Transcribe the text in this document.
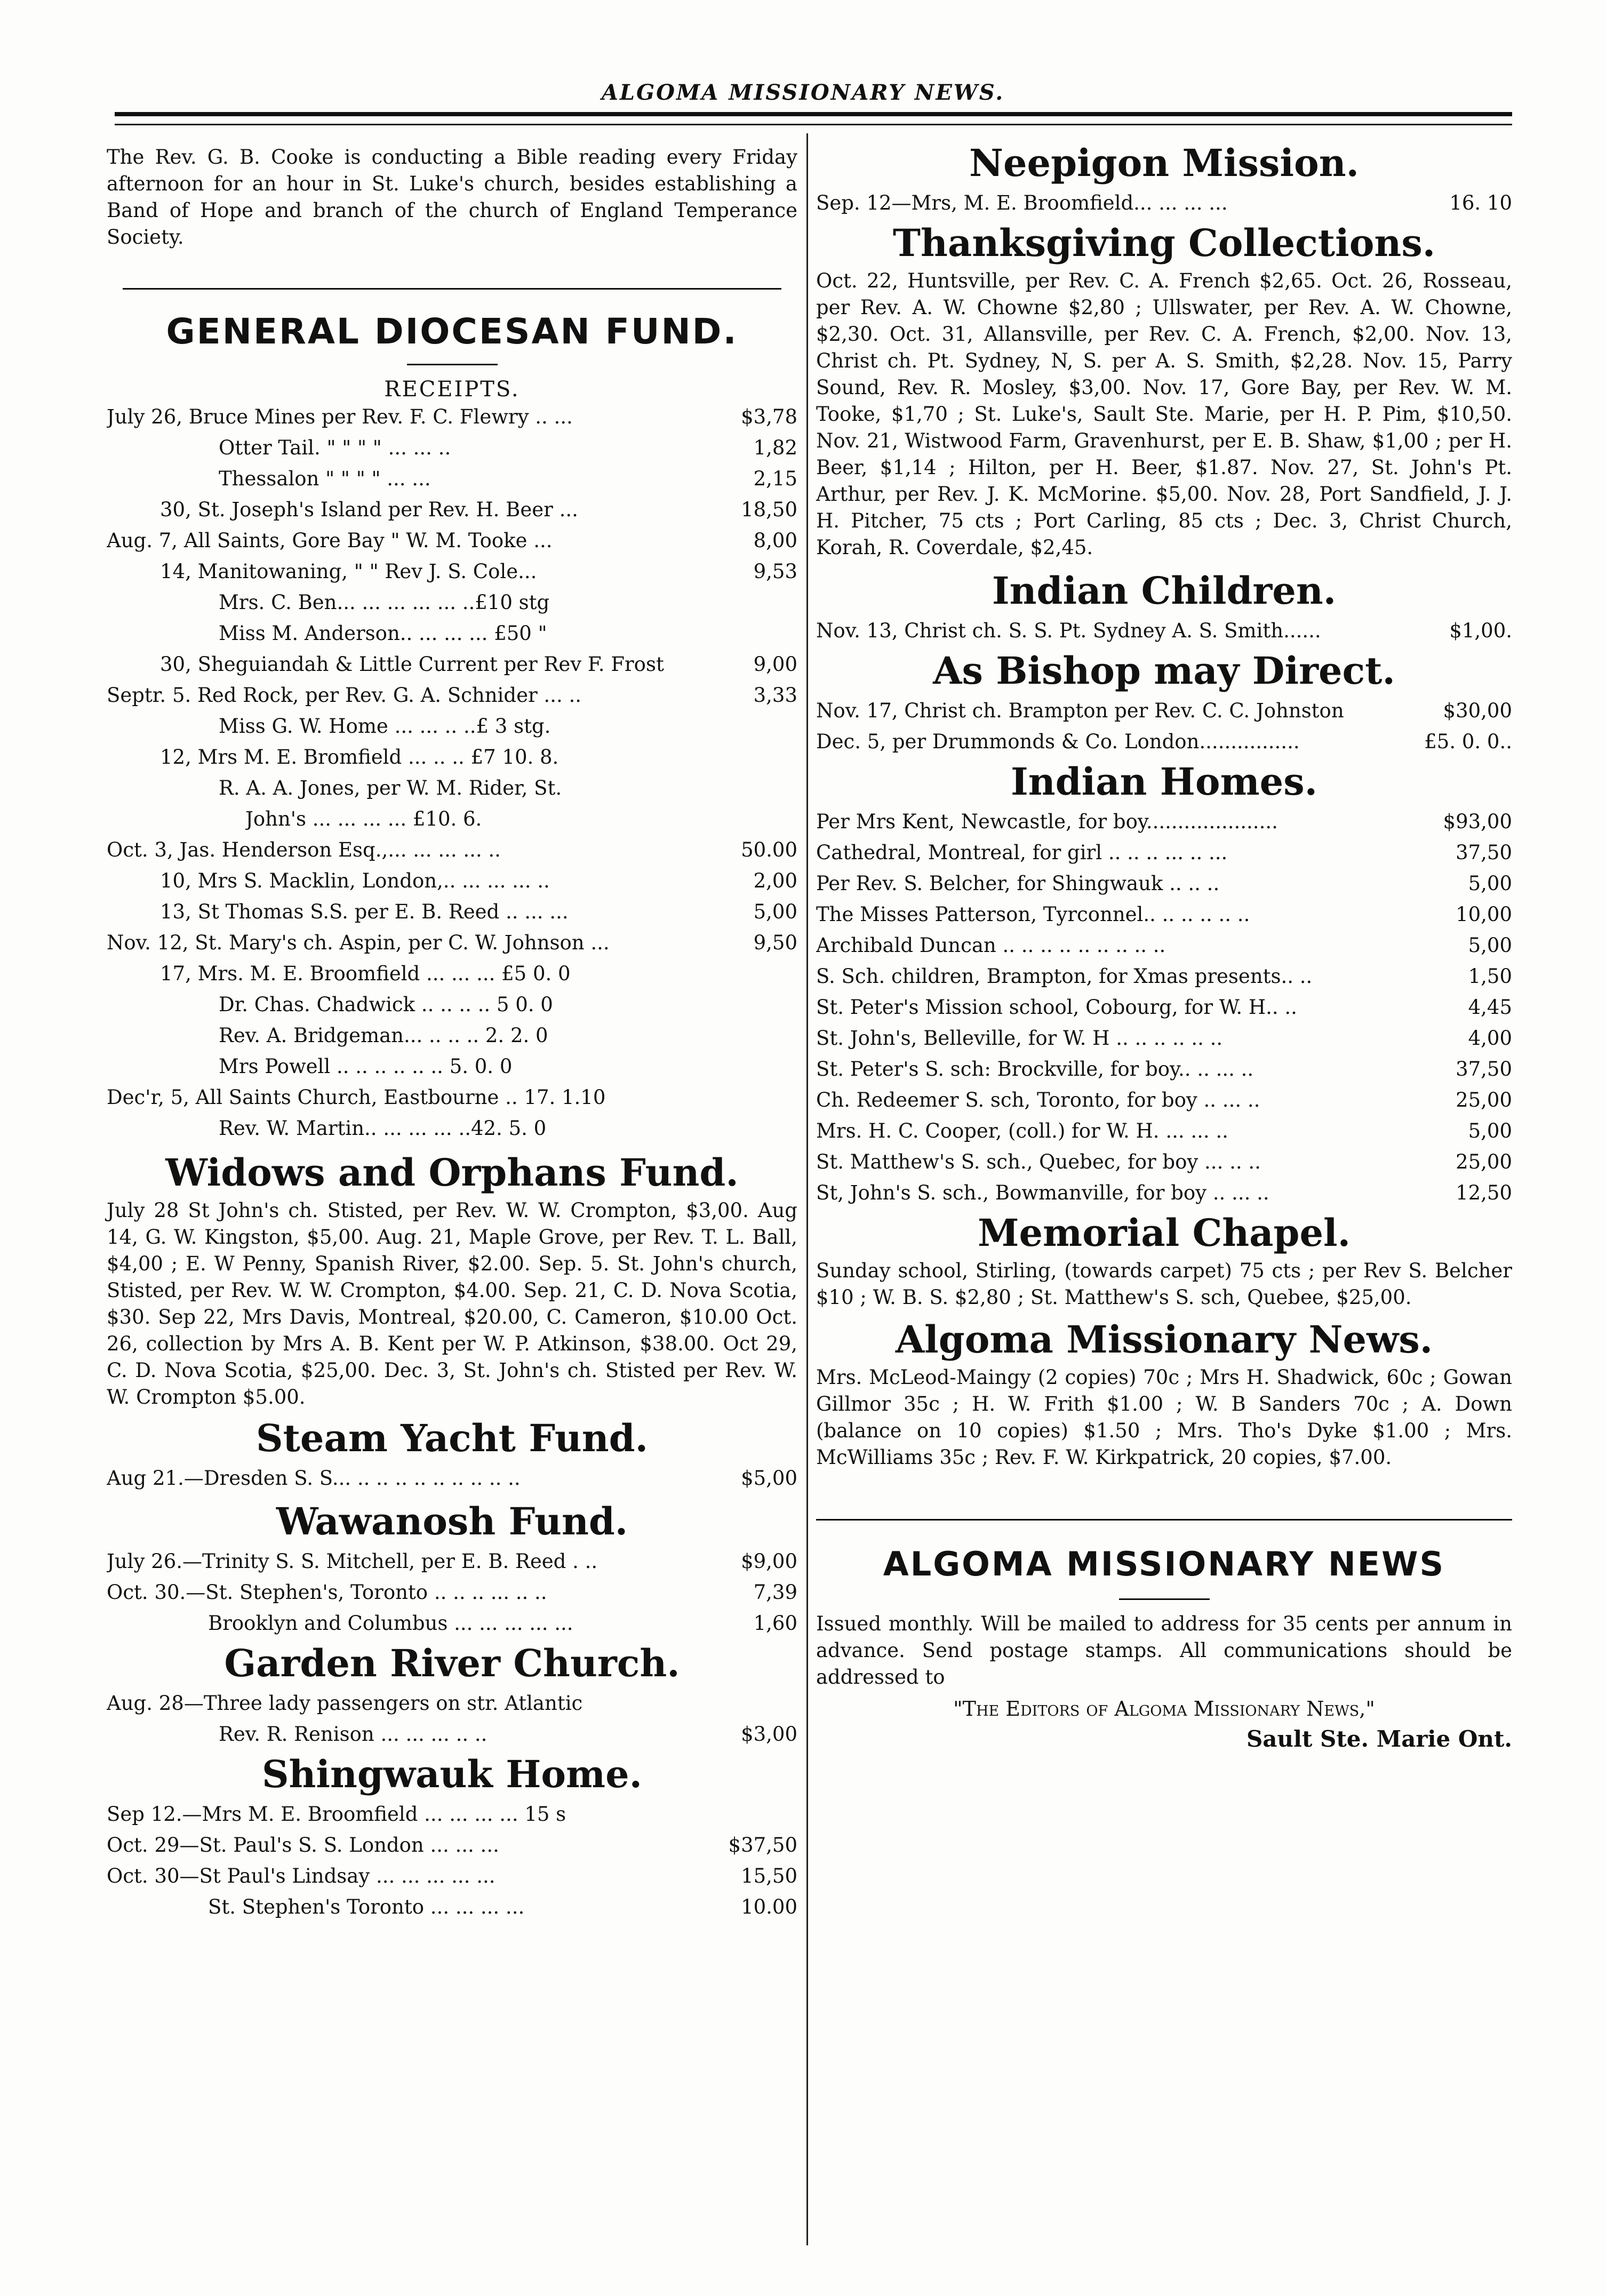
ALGOMA MISSIONARY NEWS.

The Rev. G. B. Cooke is conducting a Bible reading every Friday afternoon for an hour in St. Luke's church, besides establishing a Band of Hope and branch of the church of England Temperance Society.

GENERAL DIOCESAN FUND.

RECEIPTS.

July 26, Bruce Mines per Rev. F. C. Flewry .. ...	$3,78
Otter Tail. " " " " ... ... ..	1,82
Thessalon " " " " ... ...	2,15
30, St. Joseph's Island per Rev. H. Beer ...	18,50
Aug. 7, All Saints, Gore Bay " W. M. Tooke ...	8,00
14, Manitowaning, " " Rev J. S. Cole...	9,53
Mrs. C. Ben... ... ... ... ... ..£10 stg
Miss M. Anderson.. ... ... ... £50 "
30, Sheguiandah & Little Current per Rev F. Frost	9,00
Septr. 5. Red Rock, per Rev. G. A. Schnider ... ..	3,33
Miss G. W. Home ... ... .. ..£ 3 stg.
12, Mrs M. E. Bromfield ... .. .. £7 10. 8.
R. A. A. Jones, per W. M. Rider, St.
John's ... ... ... ... £10. 6.
Oct. 3, Jas. Henderson Esq.,... ... ... ... ..	50.00
10, Mrs S. Macklin, London,.. ... ... ... ..	2,00
13, St Thomas S.S. per E. B. Reed .. ... ...	5,00
Nov. 12, St. Mary's ch. Aspin, per C. W. Johnson ...	9,50
17, Mrs. M. E. Broomfield ... ... ... £5 0. 0
Dr. Chas. Chadwick .. .. .. .. 5 0. 0
Rev. A. Bridgeman... .. .. .. 2. 2. 0
Mrs Powell .. .. .. .. .. .. 5. 0. 0
Dec'r, 5, All Saints Church, Eastbourne .. 17. 1.10
Rev. W. Martin.. ... ... ... ..42. 5. 0
Widows and Orphans Fund.

July 28 St John's ch. Stisted, per Rev. W. W. Crompton, $3,00. Aug 14, G. W. Kingston, $5,00. Aug. 21, Maple Grove, per Rev. T. L. Ball, $4,00 ; E. W Penny, Spanish River, $2.00. Sep. 5. St. John's church, Stisted, per Rev. W. W. Crompton, $4.00. Sep. 21, C. D. Nova Scotia, $30. Sep 22, Mrs Davis, Montreal, $20.00, C. Cameron, $10.00 Oct. 26, collection by Mrs A. B. Kent per W. P. Atkinson, $38.00. Oct 29, C. D. Nova Scotia, $25,00. Dec. 3, St. John's ch. Stisted per Rev. W. W. Crompton $5.00.

Steam Yacht Fund.
Aug 21.—Dresden S. S... .. .. .. .. .. .. .. .. ..	$5,00
Wawanosh Fund.
July 26.—Trinity S. S. Mitchell, per E. B. Reed . ..	$9,00
Oct. 30.—St. Stephen's, Toronto .. .. .. ... .. ..	7,39
Brooklyn and Columbus ... ... ... ... ...	1,60
Garden River Church.
Aug. 28—Three lady passengers on str. Atlantic
Rev. R. Renison ... ... ... .. ..	$3,00
Shingwauk Home.
Sep 12.—Mrs M. E. Broomfield ... ... ... ... 15 s
Oct. 29—St. Paul's S. S. London ... ... ...	$37,50
Oct. 30—St Paul's Lindsay ... ... ... ... ...	15,50
St. Stephen's Toronto ... ... ... ...	10.00
Neepigon Mission.
Sep. 12—Mrs, M. E. Broomfield... ... ... ...	16. 10
Thanksgiving Collections.

Oct. 22, Huntsville, per Rev. C. A. French $2,65. Oct. 26, Rosseau, per Rev. A. W. Chowne $2,80 ; Ullswater, per Rev. A. W. Chowne, $2,30. Oct. 31, Allansville, per Rev. C. A. French, $2,00. Nov. 13, Christ ch. Pt. Sydney, N, S. per A. S. Smith, $2,28. Nov. 15, Parry Sound, Rev. R. Mosley, $3,00. Nov. 17, Gore Bay, per Rev. W. M. Tooke, $1,70 ; St. Luke's, Sault Ste. Marie, per H. P. Pim, $10,50. Nov. 21, Wistwood Farm, Gravenhurst, per E. B. Shaw, $1,00 ; per H. Beer, $1,14 ; Hilton, per H. Beer, $1.87. Nov. 27, St. John's Pt. Arthur, per Rev. J. K. McMorine. $5,00. Nov. 28, Port Sandfield, J. J. H. Pitcher, 75 cts ; Port Carling, 85 cts ; Dec. 3, Christ Church, Korah, R. Coverdale, $2,45.

Indian Children.
Nov. 13, Christ ch. S. S. Pt. Sydney A. S. Smith......	$1,00.
As Bishop may Direct.
Nov. 17, Christ ch. Brampton per Rev. C. C. Johnston	$30,00
Dec. 5, per Drummonds & Co. London................	£5. 0. 0..
Indian Homes.
Per Mrs Kent, Newcastle, for boy.....................	$93,00
Cathedral, Montreal, for girl .. .. .. ... .. ...	37,50
Per Rev. S. Belcher, for Shingwauk .. .. ..	5,00
The Misses Patterson, Tyrconnel.. .. .. .. .. ..	10,00
Archibald Duncan .. .. .. .. .. .. .. .. ..	5,00
S. Sch. children, Brampton, for Xmas presents.. ..	1,50
St. Peter's Mission school, Cobourg, for W. H.. ..	4,45
St. John's, Belleville, for W. H .. .. .. .. .. ..	4,00
St. Peter's S. sch: Brockville, for boy.. .. ... ..	37,50
Ch. Redeemer S. sch, Toronto, for boy .. ... ..	25,00
Mrs. H. C. Cooper, (coll.) for W. H. ... ... ..	5,00
St. Matthew's S. sch., Quebec, for boy ... .. ..	25,00
St, John's S. sch., Bowmanville, for boy .. ... ..	12,50
Memorial Chapel.

Sunday school, Stirling, (towards carpet) 75 cts ; per Rev S. Belcher $10 ; W. B. S. $2,80 ; St. Matthew's S. sch, Quebee, $25,00.

Algoma Missionary News.

Mrs. McLeod-Maingy (2 copies) 70c ; Mrs H. Shadwick, 60c ; Gowan Gillmor 35c ; H. W. Frith $1.00 ; W. B Sanders 70c ; A. Down (balance on 10 copies) $1.50 ; Mrs. Tho's Dyke $1.00 ; Mrs. McWilliams 35c ; Rev. F. W. Kirkpatrick, 20 copies, $7.00.

ALGOMA MISSIONARY NEWS

Issued monthly. Will be mailed to address for 35 cents per annum in advance. Send postage stamps. All communications should be addressed to

"The Editors of Algoma Missionary News,"

Sault Ste. Marie Ont.
